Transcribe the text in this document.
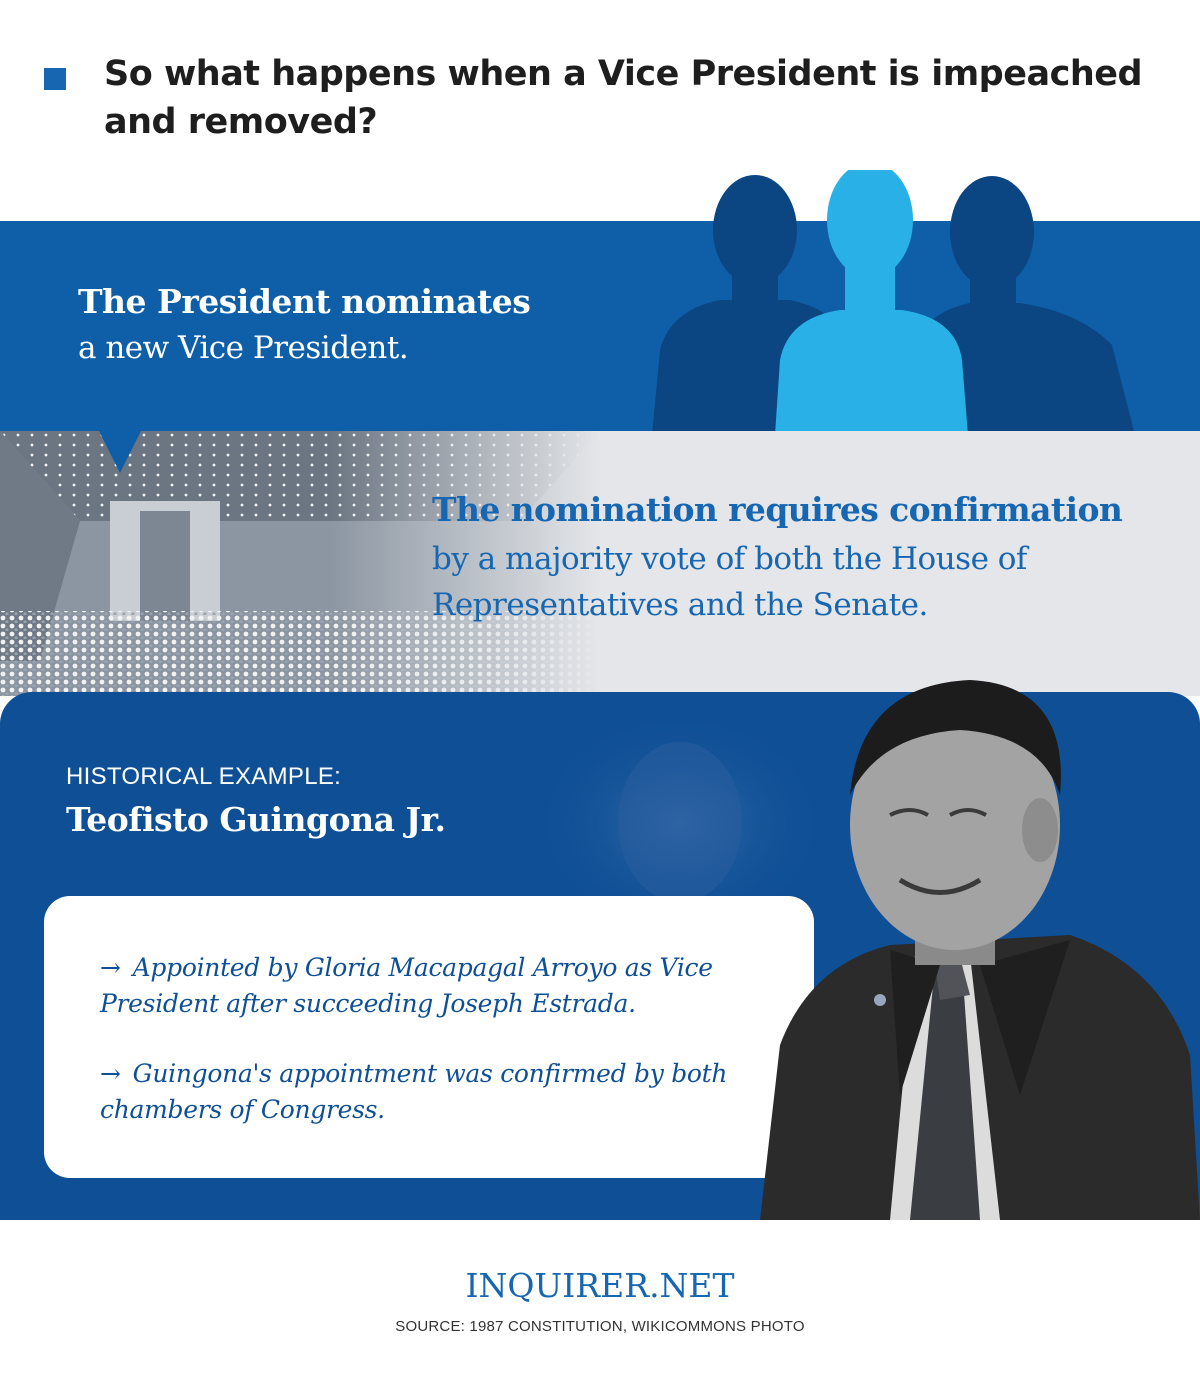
So what happens when a Vice President is impeached and removed?
The President nominates
a new Vice President.
The nomination requires confirmation
by a majority vote of both the House of Representatives and the Senate.
HISTORICAL EXAMPLE:
Teofisto Guingona Jr.
→ Appointed by Gloria Macapagal Arroyo as Vice President after succeeding Joseph Estrada.
→ Guingona's appointment was confirmed by both chambers of Congress.
INQUIRER.NET
SOURCE: 1987 CONSTITUTION, WIKICOMMONS PHOTO
